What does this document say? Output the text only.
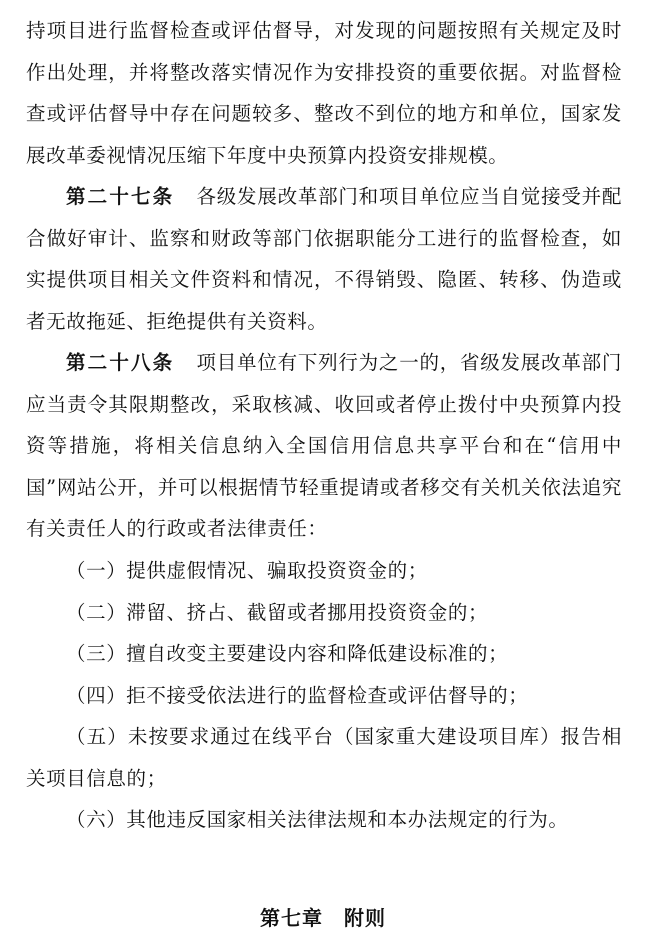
持项目进行监督检查或评估督导，对发现的问题按照有关规定及时作出处理，并将整改落实情况作为安排投资的重要依据。对监督检查或评估督导中存在问题较多、整改不到位的地方和单位，国家发展改革委视情况压缩下年度中央预算内投资安排规模。

第二十七条 各级发展改革部门和项目单位应当自觉接受并配合做好审计、监察和财政等部门依据职能分工进行的监督检查，如实提供项目相关文件资料和情况，不得销毁、隐匿、转移、伪造或者无故拖延、拒绝提供有关资料。

第二十八条 项目单位有下列行为之一的，省级发展改革部门应当责令其限期整改，采取核减、收回或者停止拨付中央预算内投资等措施，将相关信息纳入全国信用信息共享平台和在“信用中国”网站公开，并可以根据情节轻重提请或者移交有关机关依法追究有关责任人的行政或者法律责任：

（一）提供虚假情况、骗取投资资金的；

（二）滞留、挤占、截留或者挪用投资资金的；

（三）擅自改变主要建设内容和降低建设标准的；

（四）拒不接受依法进行的监督检查或评估督导的；

（五）未按要求通过在线平台（国家重大建设项目库）报告相关项目信息的；

（六）其他违反国家相关法律法规和本办法规定的行为。

第七章　附则
